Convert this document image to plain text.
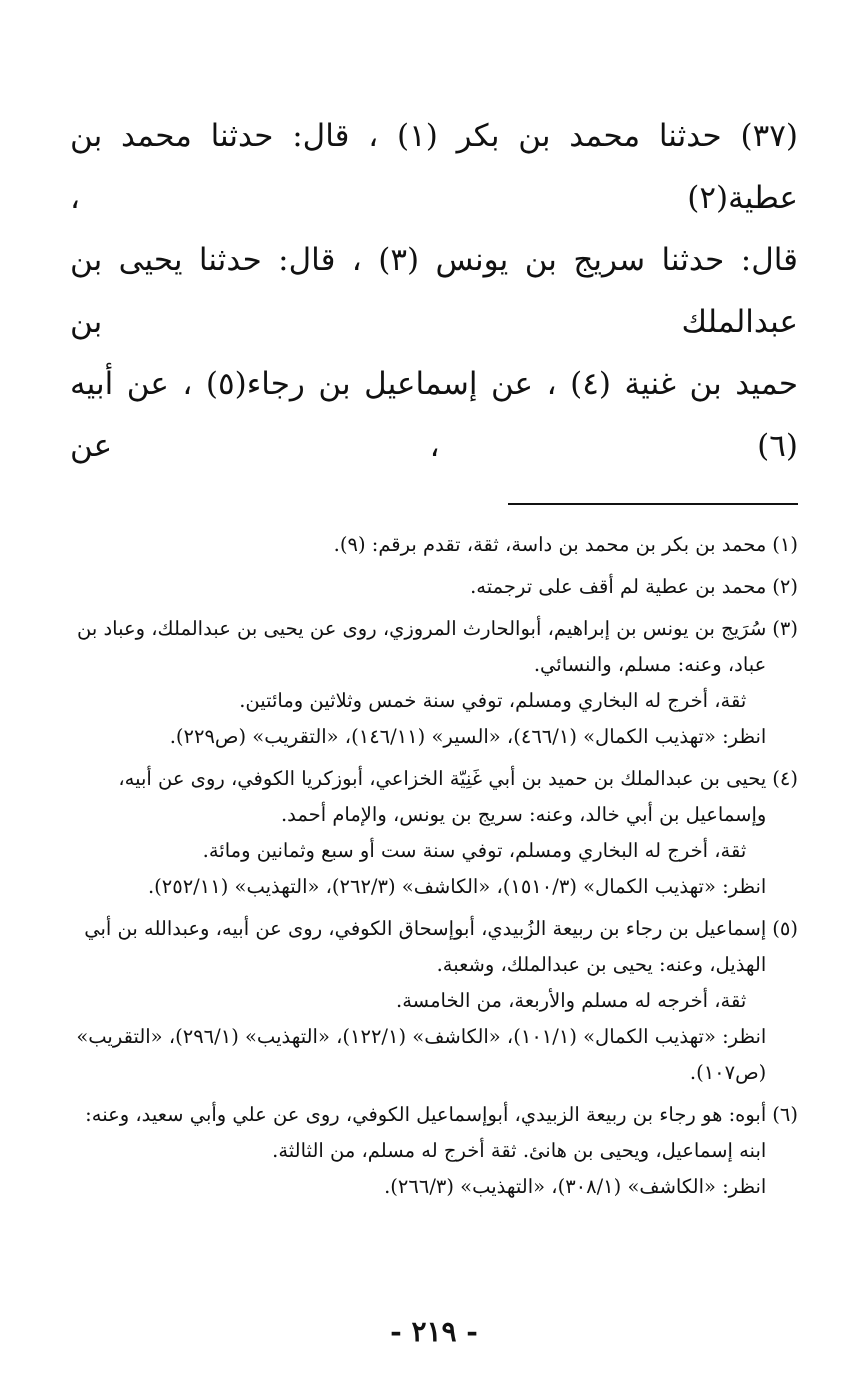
(٣٧) حدثنا محمد بن بكر (١) ، قال: حدثنا محمد بن عطية(٢) ،
قال: حدثنا سريج بن يونس (٣) ، قال: حدثنا يحيى بن عبدالملك بن
حميد بن غنية (٤) ، عن إسماعيل بن رجاء(٥) ، عن أبيه (٦) ، عن
(١)

محمد بن بكر بن محمد بن داسة، ثقة، تقدم برقم: (٩).

(٢)

محمد بن عطية لم أقف على ترجمته.

(٣)

سُرَيج بن يونس بن إبراهيم، أبوالحارث المروزي، روى عن يحيى بن عبدالملك، وعباد بن عباد، وعنه: مسلم، والنسائي.

ثقة، أخرج له البخاري ومسلم، توفي سنة خمس وثلاثين ومائتين.

انظر: «تهذيب الكمال» (٤٦٦/١)، «السير» (١٤٦/١١)، «التقريب» (ص٢٢٩).

(٤)

يحيى بن عبدالملك بن حميد بن أبي غَنِيّة الخزاعي، أبوزكريا الكوفي، روى عن أبيه، وإسماعيل بن أبي خالد، وعنه: سريج بن يونس، والإمام أحمد.

ثقة، أخرج له البخاري ومسلم، توفي سنة ست أو سبع وثمانين ومائة.

انظر: «تهذيب الكمال» (١٥١٠/٣)، «الكاشف» (٢٦٢/٣)، «التهذيب» (٢٥٢/١١).

(٥)

إسماعيل بن رجاء بن ربيعة الزُبيدي، أبوإسحاق الكوفي، روى عن أبيه، وعبدالله بن أبي الهذيل، وعنه: يحيى بن عبدالملك، وشعبة.

ثقة، أخرجه له مسلم والأربعة، من الخامسة.

انظر: «تهذيب الكمال» (١٠١/١)، «الكاشف» (١٢٢/١)، «التهذيب» (٢٩٦/١)، «التقريب» (ص١٠٧).

(٦)

أبوه: هو رجاء بن ربيعة الزبيدي، أبوإسماعيل الكوفي، روى عن علي وأبي سعيد، وعنه: ابنه إسماعيل، ويحيى بن هانئ. ثقة أخرج له مسلم، من الثالثة.

انظر: «الكاشف» (٣٠٨/١)، «التهذيب» (٢٦٦/٣).

- ٢١٩ -
